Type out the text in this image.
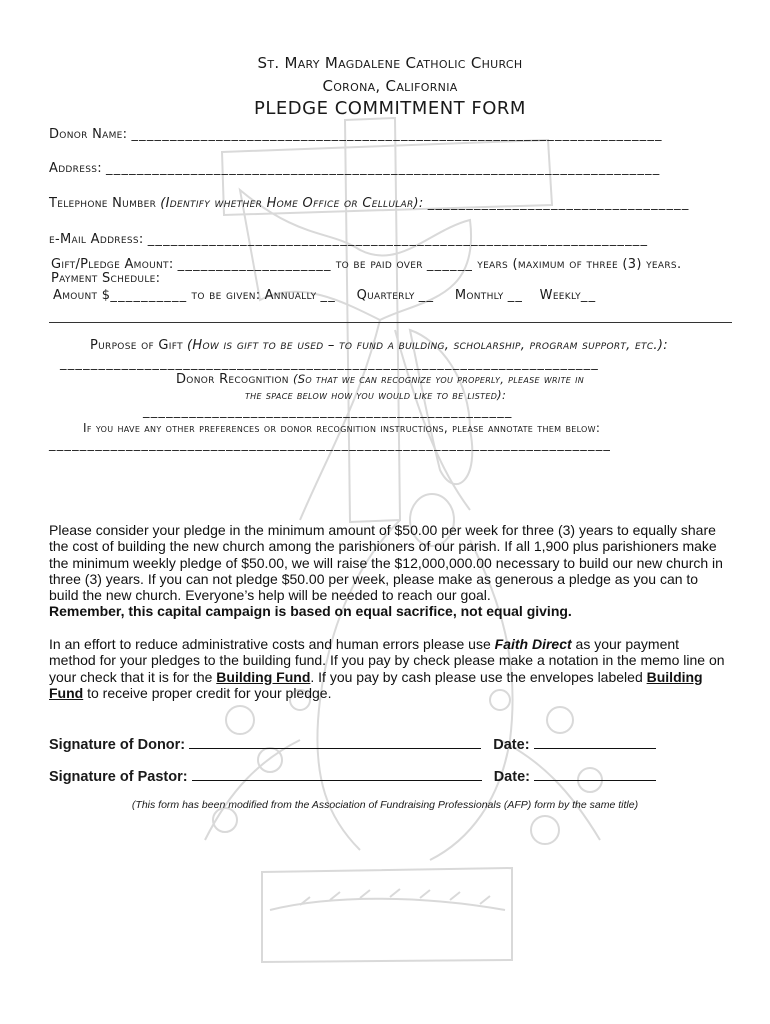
St. Mary Magdalene Catholic Church
Corona, California
PLEDGE COMMITMENT FORM
Donor Name: _____________________________________________________________________
Address: ________________________________________________________________________
Telephone Number (Identify whether Home Office or Cellular): __________________________________
e-Mail Address: _________________________________________________________________
Gift/Pledge Amount: ____________________ to be paid over ______ years (maximum of three (3) years.
Payment Schedule:
Amount $__________ to be given: Annually __ Quarterly __ Monthly __ Weekly__
Purpose of Gift (How is gift to be used – to fund a building, scholarship, program support, etc.):
______________________________________________________________________
Donor Recognition (So that we can recognize you properly, please write in
the space below how you would like to be listed):
________________________________________________
If you have any other preferences or donor recognition instructions, please annotate them below:
_________________________________________________________________________

Please consider your pledge in the minimum amount of $50.00 per week for three (3) years to equally share the cost of building the new church among the parishioners of our parish. If all 1,900 plus parishioners make the minimum weekly pledge of $50.00, we will raise the $12,000,000.00 necessary to build our new church in three (3) years. If you can not pledge $50.00 per week, please make as generous a pledge as you can to build the new church. Everyone’s help will be needed to reach our goal.

Remember, this capital campaign is based on equal sacrifice, not equal giving.

In an effort to reduce administrative costs and human errors please use Faith Direct as your payment method for your pledges to the building fund. If you pay by check please make a notation in the memo line on your check that it is for the Building Fund. If you pay by cash please use the envelopes labeled Building Fund to receive proper credit for your pledge.

Signature of Donor:	Date:
Signature of Pastor:	Date:
(This form has been modified from the Association of Fundraising Professionals (AFP) form by the same title)
